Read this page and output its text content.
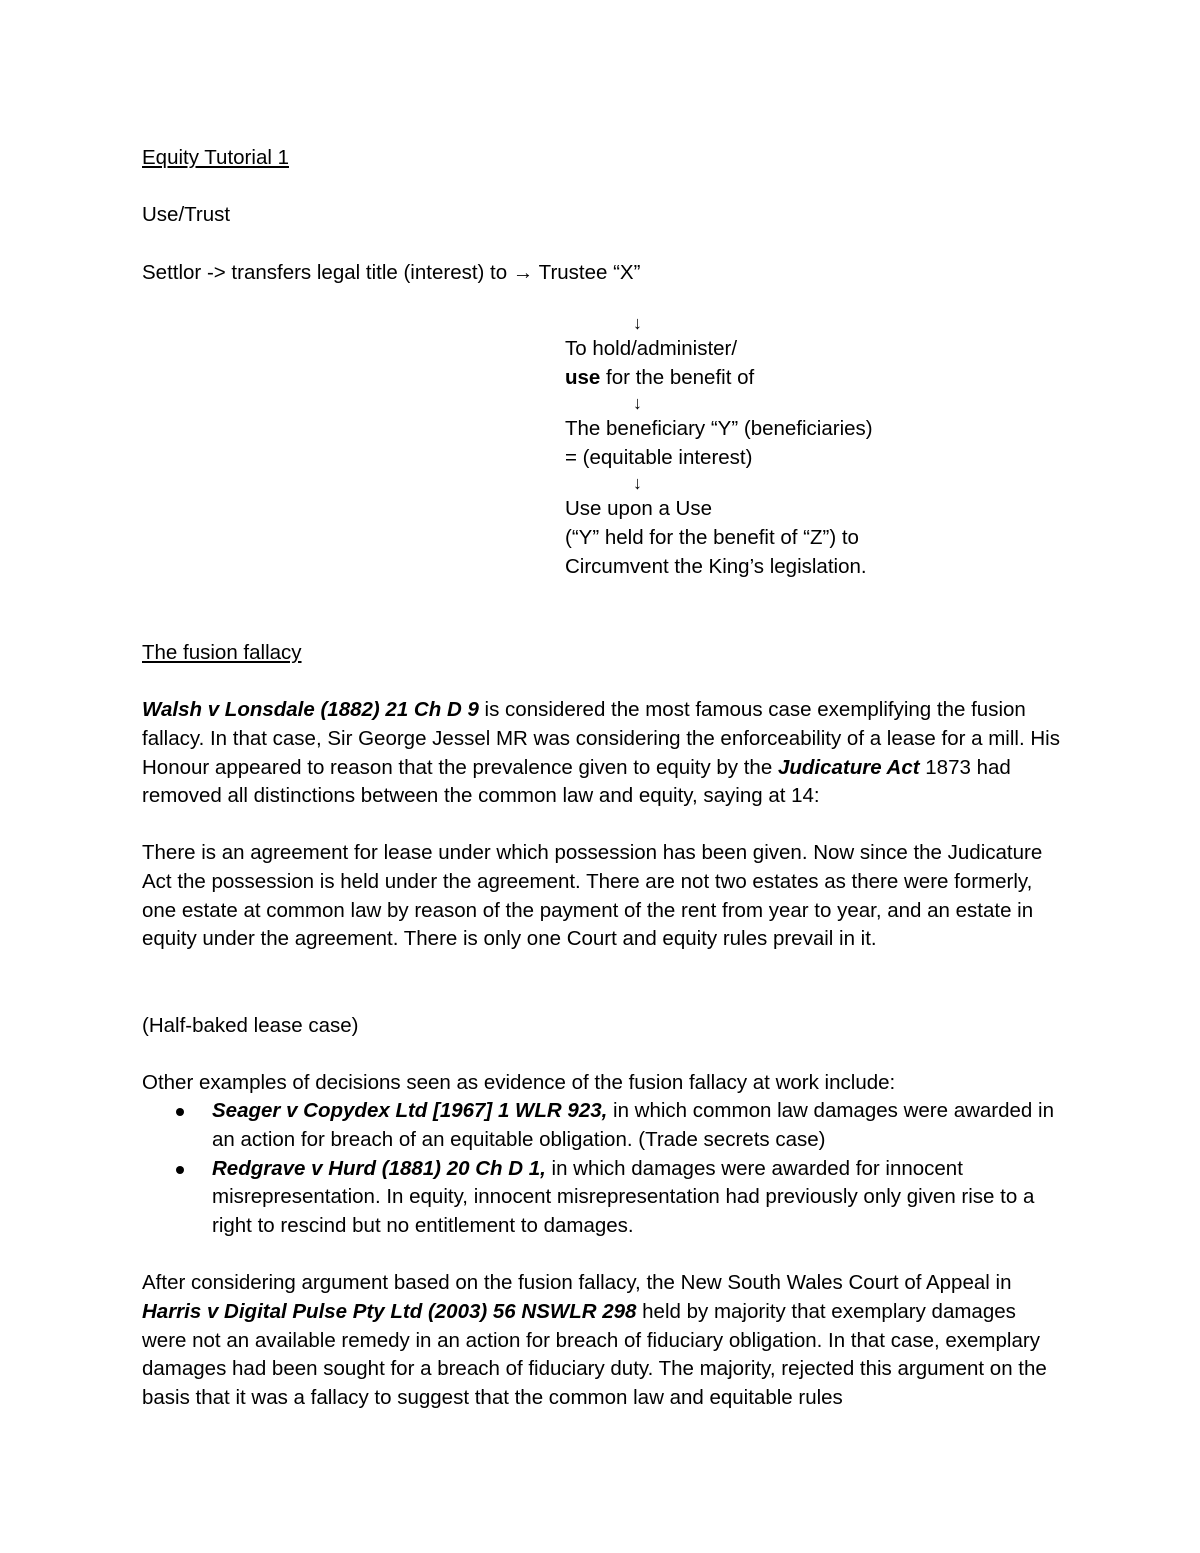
Equity Tutorial 1
Use/Trust
Settlor -> transfers legal title (interest) to → Trustee “X”
↓
To hold/administer/
use for the benefit of
↓
The beneficiary “Y” (beneficiaries)
= (equitable interest)
↓
Use upon a Use
(“Y” held for the benefit of “Z”) to
Circumvent the King’s legislation.
The fusion fallacy

Walsh v Lonsdale (1882) 21 Ch D 9 is considered the most famous case exemplifying the fusion fallacy. In that case, Sir George Jessel MR was considering the enforceability of a lease for a mill. His Honour appeared to reason that the prevalence given to equity by the Judicature Act 1873 had removed all distinctions between the common law and equity, saying at 14:

There is an agreement for lease under which possession has been given. Now since the Judicature Act the possession is held under the agreement. There are not two estates as there were formerly, one estate at common law by reason of the payment of the rent from year to year, and an estate in equity under the agreement. There is only one Court and equity rules prevail in it.

(Half-baked lease case)
Other examples of decisions seen as evidence of the fusion fallacy at work include:
Seager v Copydex Ltd [1967] 1 WLR 923, in which common law damages were awarded in an action for breach of an equitable obligation. (Trade secrets case)
Redgrave v Hurd (1881) 20 Ch D 1, in which damages were awarded for innocent misrepresentation. In equity, innocent misrepresentation had previously only given rise to a right to rescind but no entitlement to damages.

After considering argument based on the fusion fallacy, the New South Wales Court of Appeal in Harris v Digital Pulse Pty Ltd (2003) 56 NSWLR 298 held by majority that exemplary damages were not an available remedy in an action for breach of fiduciary obligation. In that case, exemplary damages had been sought for a breach of fiduciary duty. The majority, rejected this argument on the basis that it was a fallacy to suggest that the common law and equitable rules
